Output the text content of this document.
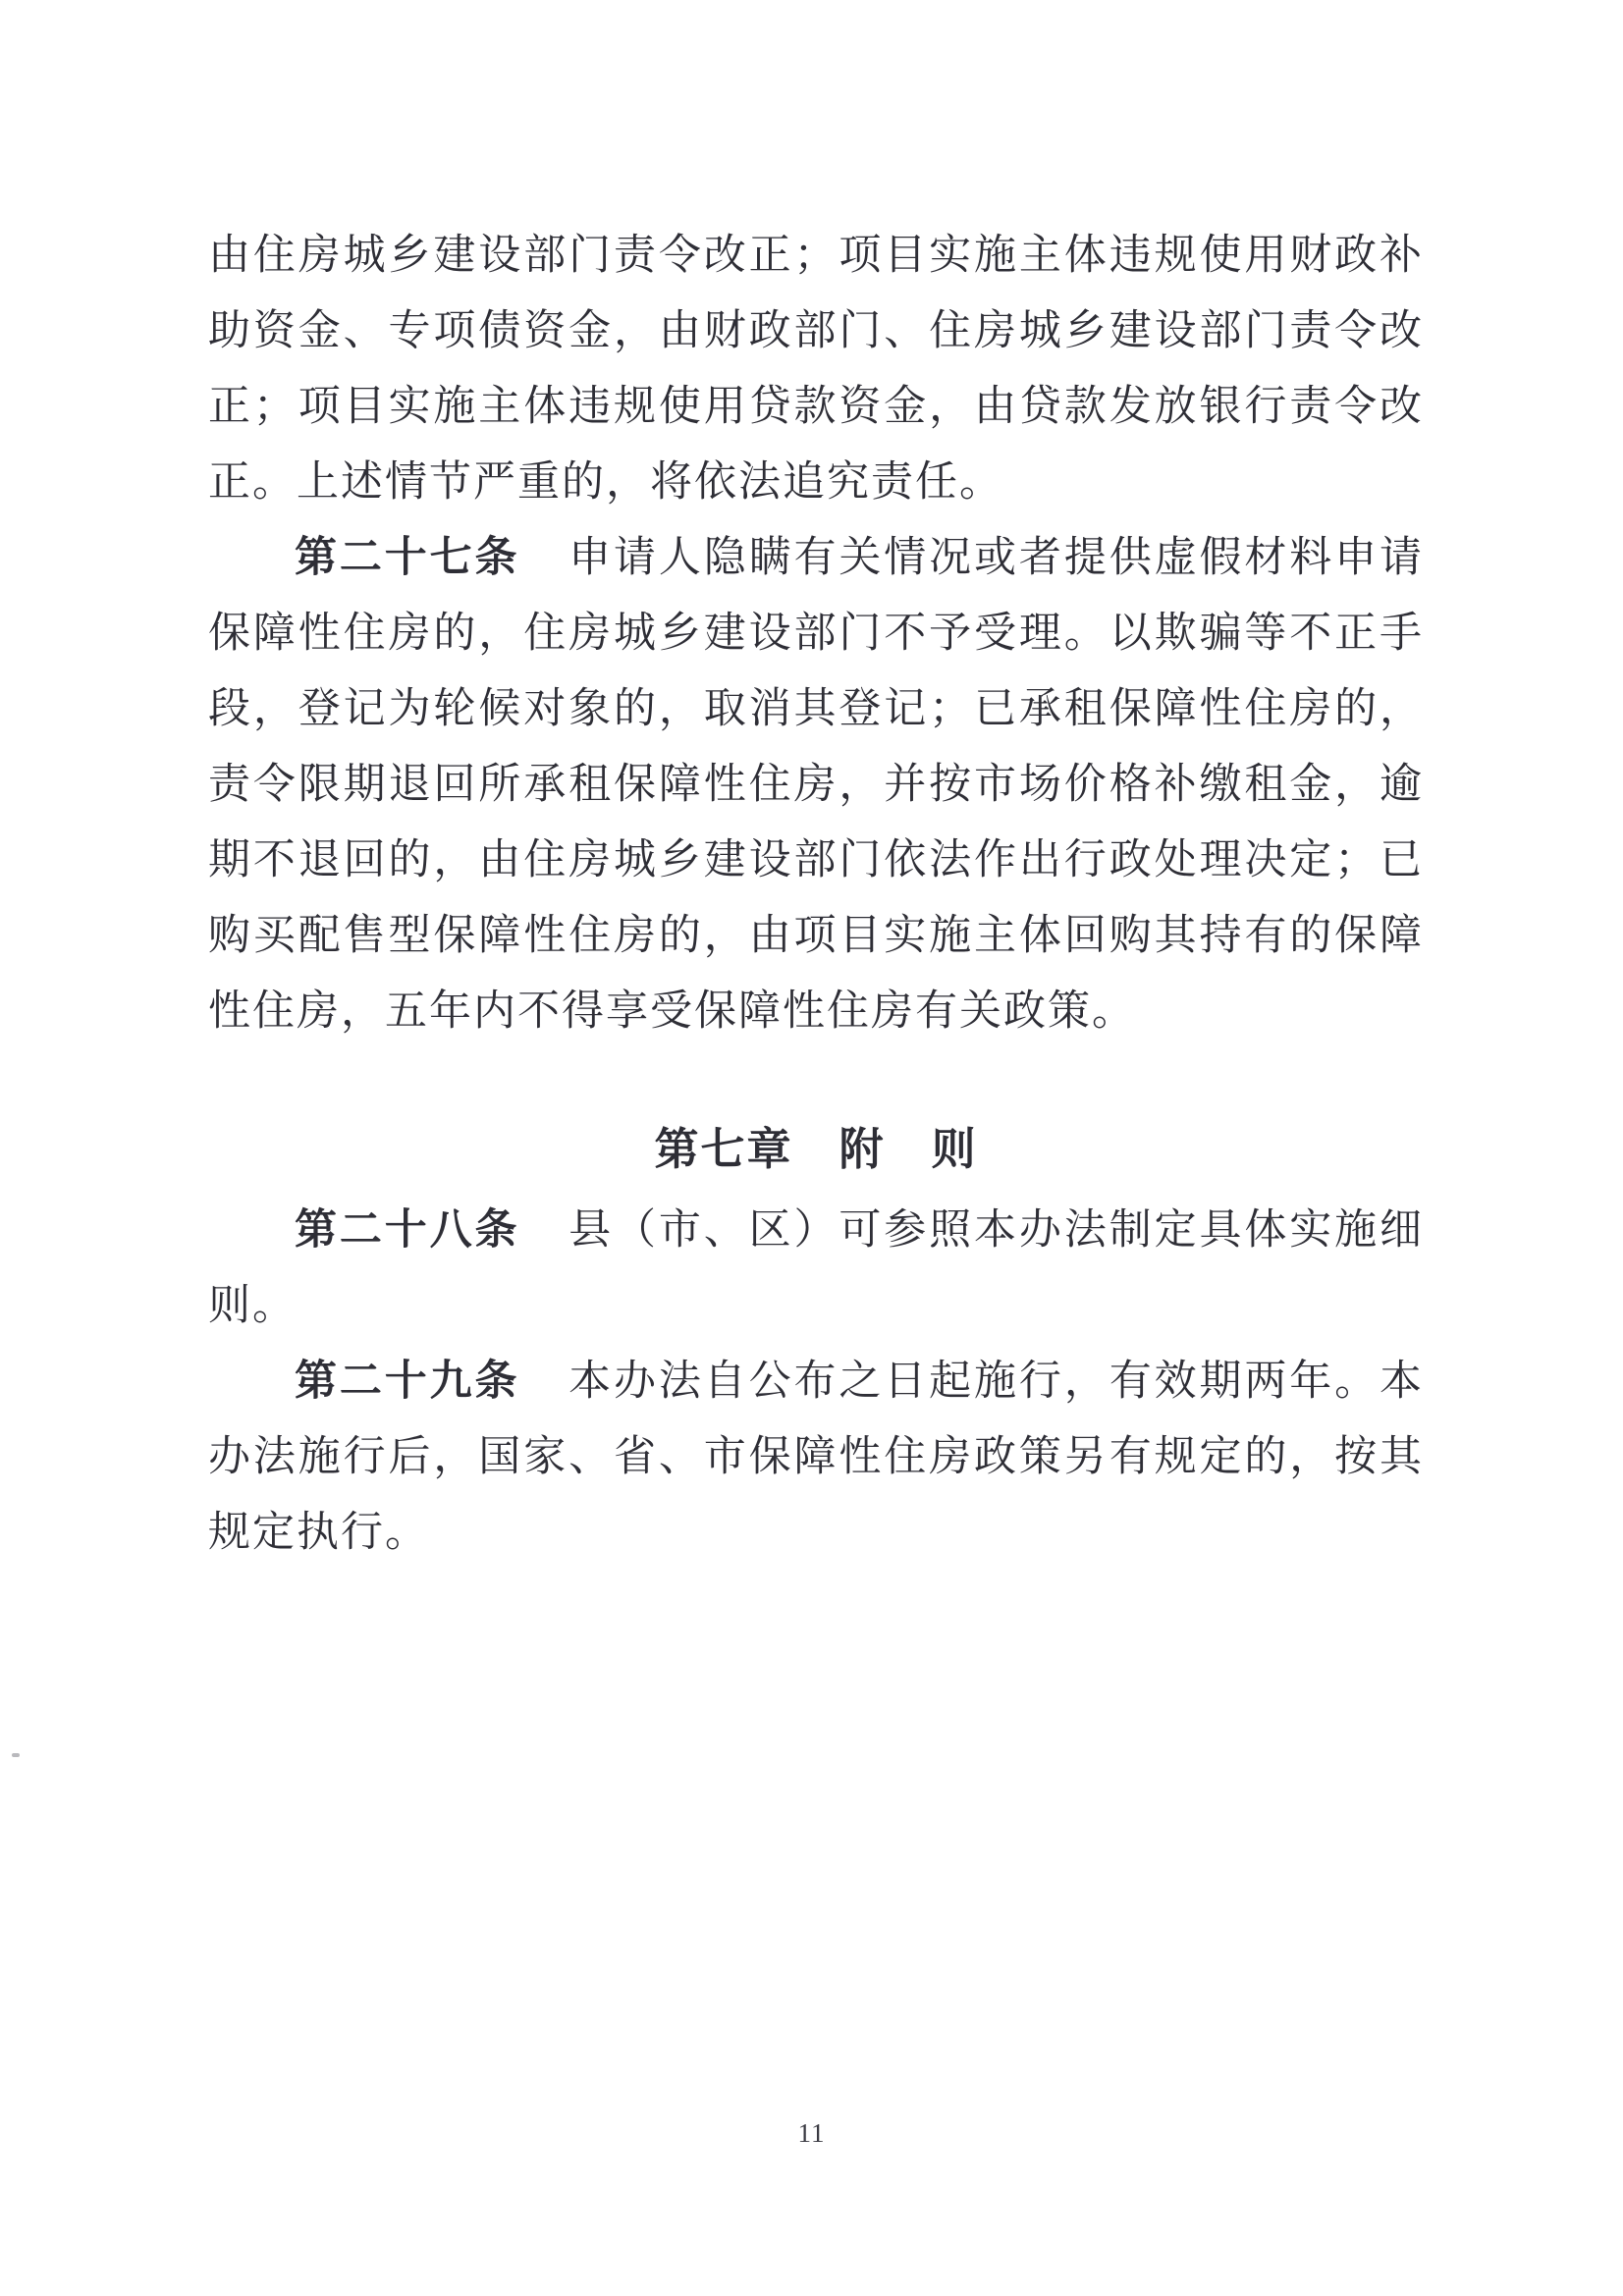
由住房城乡建设部门责令改正；项目实施主体违规使用财政补助资金、专项债资金，由财政部门、住房城乡建设部门责令改正；项目实施主体违规使用贷款资金，由贷款发放银行责令改正。上述情节严重的，将依法追究责任。

第二十七条 申请人隐瞒有关情况或者提供虚假材料申请保障性住房的，住房城乡建设部门不予受理。以欺骗等不正手段，登记为轮候对象的，取消其登记；已承租保障性住房的，责令限期退回所承租保障性住房，并按市场价格补缴租金，逾期不退回的，由住房城乡建设部门依法作出行政处理决定；已购买配售型保障性住房的，由项目实施主体回购其持有的保障性住房，五年内不得享受保障性住房有关政策。

第七章　附　则

第二十八条 县（市、区）可参照本办法制定具体实施细则。

第二十九条 本办法自公布之日起施行，有效期两年。本办法施行后，国家、省、市保障性住房政策另有规定的，按其规定执行。

11
